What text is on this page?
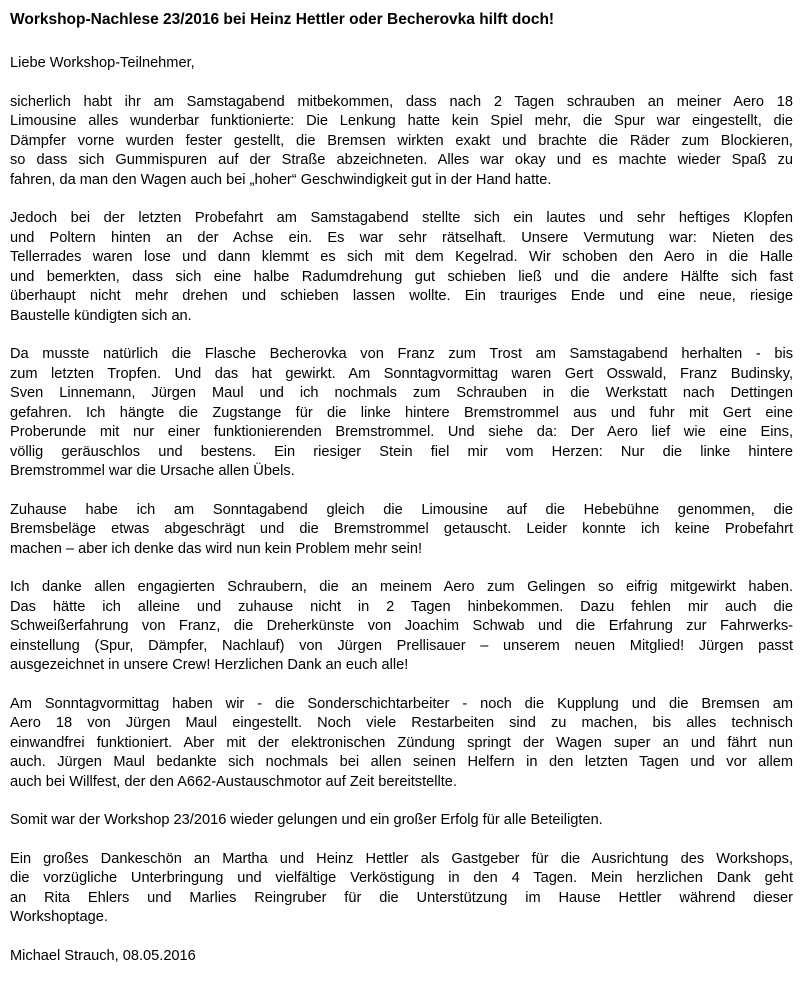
Workshop-Nachlese 23/2016 bei Heinz Hettler oder Becherovka hilft doch!

Liebe Workshop-Teilnehmer,

sicherlich habt ihr am Samstagabend mitbekommen, dass nach 2 Tagen schrauben an meiner Aero 18
Limousine alles wunderbar funktionierte: Die Lenkung hatte kein Spiel mehr, die Spur war eingestellt, die
Dämpfer vorne wurden fester gestellt, die Bremsen wirkten exakt und brachte die Räder zum Blockieren,
so dass sich Gummispuren auf der Straße abzeichneten. Alles war okay und es machte wieder Spaß zu
fahren, da man den Wagen auch bei „hoher“ Geschwindigkeit gut in der Hand hatte.

Jedoch bei der letzten Probefahrt am Samstagabend stellte sich ein lautes und sehr heftiges Klopfen
und Poltern hinten an der Achse ein. Es war sehr rätselhaft. Unsere Vermutung war: Nieten des
Tellerrades waren lose und dann klemmt es sich mit dem Kegelrad. Wir schoben den Aero in die Halle
und bemerkten, dass sich eine halbe Radumdrehung gut schieben ließ und die andere Hälfte sich fast
überhaupt nicht mehr drehen und schieben lassen wollte. Ein trauriges Ende und eine neue, riesige
Baustelle kündigten sich an.

Da musste natürlich die Flasche Becherovka von Franz zum Trost am Samstagabend herhalten - bis
zum letzten Tropfen. Und das hat gewirkt. Am Sonntagvormittag waren Gert Osswald, Franz Budinsky,
Sven Linnemann, Jürgen Maul und ich nochmals zum Schrauben in die Werkstatt nach Dettingen
gefahren. Ich hängte die Zugstange für die linke hintere Bremstrommel aus und fuhr mit Gert eine
Proberunde mit nur einer funktionierenden Bremstrommel. Und siehe da: Der Aero lief wie eine Eins,
völlig geräuschlos und bestens. Ein riesiger Stein fiel mir vom Herzen: Nur die linke hintere
Bremstrommel war die Ursache allen Übels.

Zuhause habe ich am Sonntagabend gleich die Limousine auf die Hebebühne genommen, die
Bremsbeläge etwas abgeschrägt und die Bremstrommel getauscht. Leider konnte ich keine Probefahrt
machen – aber ich denke das wird nun kein Problem mehr sein!

Ich danke allen engagierten Schraubern, die an meinem Aero zum Gelingen so eifrig mitgewirkt haben.
Das hätte ich alleine und zuhause nicht in 2 Tagen hinbekommen. Dazu fehlen mir auch die
Schweißerfahrung von Franz, die Dreherkünste von Joachim Schwab und die Erfahrung zur Fahrwerks-
einstellung (Spur, Dämpfer, Nachlauf) von Jürgen Prellisauer – unserem neuen Mitglied! Jürgen passt
ausgezeichnet in unsere Crew! Herzlichen Dank an euch alle!

Am Sonntagvormittag haben wir - die Sonderschichtarbeiter - noch die Kupplung und die Bremsen am
Aero 18 von Jürgen Maul eingestellt. Noch viele Restarbeiten sind zu machen, bis alles technisch
einwandfrei funktioniert. Aber mit der elektronischen Zündung springt der Wagen super an und fährt nun
auch. Jürgen Maul bedankte sich nochmals bei allen seinen Helfern in den letzten Tagen und vor allem
auch bei Willfest, der den A662-Austauschmotor auf Zeit bereitstellte.

Somit war der Workshop 23/2016 wieder gelungen und ein großer Erfolg für alle Beteiligten.

Ein großes Dankeschön an Martha und Heinz Hettler als Gastgeber für die Ausrichtung des Workshops,
die vorzügliche Unterbringung und vielfältige Verköstigung in den 4 Tagen. Mein herzlichen Dank geht
an Rita Ehlers und Marlies Reingruber für die Unterstützung im Hause Hettler während dieser
Workshoptage.

Michael Strauch, 08.05.2016
